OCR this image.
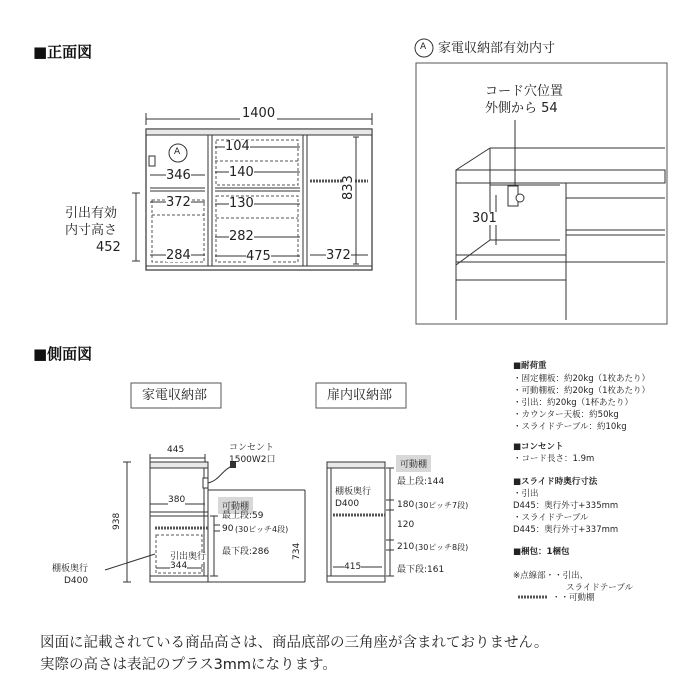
■正面図
1400
A	104
346	140
372	130
282
284	475	372
833
引出有効
内寸高さ
452
A 家電収納部有効内寸
コード穴位置
外側から 54
301
■側面図
家電収納部	扉内収納部
445	コンセント
1500W2口
938
380
可動棚
最上段:59
90 (30ピッチ4段)
最下段:286	734
引出奥行
344
棚板奥行
D400
可動棚
最上段:144
棚板奥行
D400	180 (30ピッチ7段)
120
210 (30ピッチ8段)
415	最下段:161
■耐荷重
・固定棚板：約20kg（1枚あたり）
・可動棚板：約20kg（1枚あたり）
・引出：約20kg（1杯あたり）
・カウンター天板：約50kg
・スライドテーブル：約10kg
■コンセント
・コード長さ：1.9m
■スライド時奥行寸法
・引出
D445：奥行外寸+335mm
・スライドテーブル
D445：奥行外寸+337mm
■梱包：1梱包
※点線部・・引出、
スライドテーブル
・・可動棚
図面に記載されている商品高さは、商品底部の三角座が含まれておりません。
実際の高さは表記のプラス3mmになります。
